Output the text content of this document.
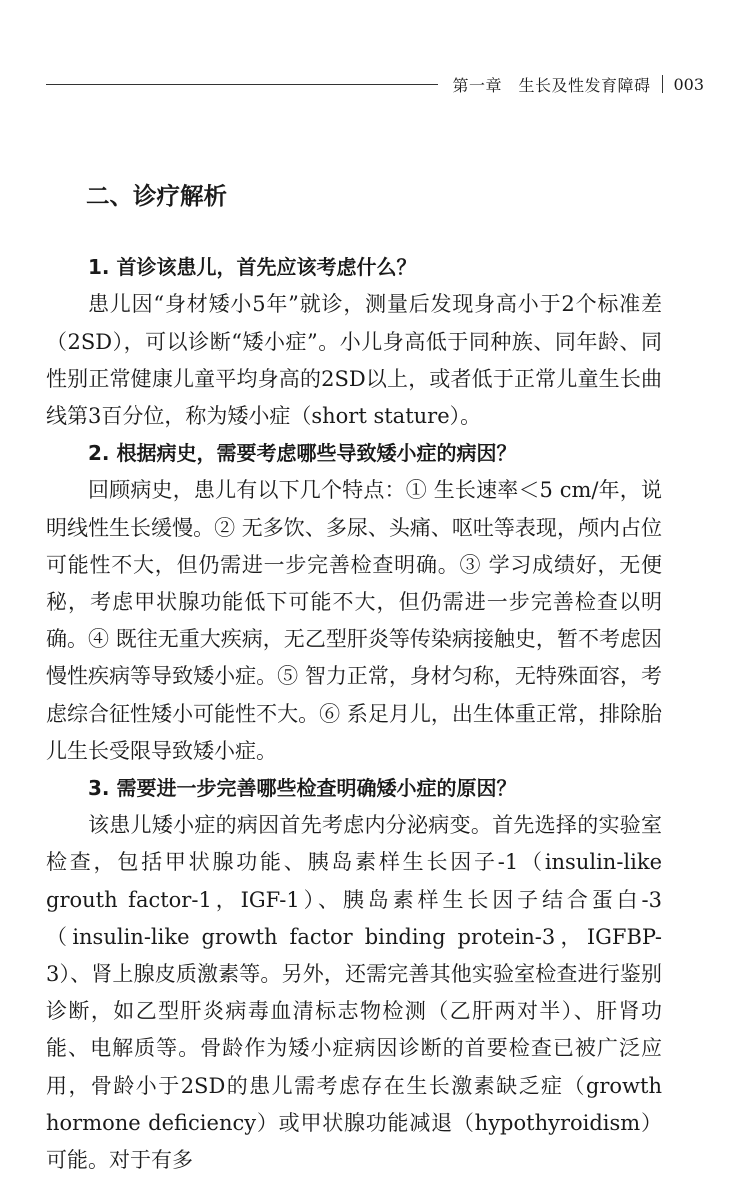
第一章　生长及性发育障碍 003
二、诊疗解析
1. 首诊该患儿，首先应该考虑什么？

患儿因“身材矮小5年”就诊，测量后发现身高小于2个标准差（2SD），可以诊断“矮小症”。小儿身高低于同种族、同年龄、同性别正常健康儿童平均身高的2SD以上，或者低于正常儿童生长曲线第3百分位，称为矮小症（short stature）。

2. 根据病史，需要考虑哪些导致矮小症的病因？

回顾病史，患儿有以下几个特点：① 生长速率＜5 cm/年，说明线性生长缓慢。② 无多饮、多尿、头痛、呕吐等表现，颅内占位可能性不大，但仍需进一步完善检查明确。③ 学习成绩好，无便秘，考虑甲状腺功能低下可能不大，但仍需进一步完善检查以明确。④ 既往无重大疾病，无乙型肝炎等传染病接触史，暂不考虑因慢性疾病等导致矮小症。⑤ 智力正常，身材匀称，无特殊面容，考虑综合征性矮小可能性不大。⑥ 系足月儿，出生体重正常，排除胎儿生长受限导致矮小症。

3. 需要进一步完善哪些检查明确矮小症的原因？

该患儿矮小症的病因首先考虑内分泌病变。首先选择的实验室检查，包括甲状腺功能、胰岛素样生长因子-1（insulin-like grouth factor-1，IGF-1）、胰岛素样生长因子结合蛋白-3（insulin-like growth factor binding protein-3，IGFBP-3）、肾上腺皮质激素等。另外，还需完善其他实验室检查进行鉴别诊断，如乙型肝炎病毒血清标志物检测（乙肝两对半）、肝肾功能、电解质等。骨龄作为矮小症病因诊断的首要检查已被广泛应用，骨龄小于2SD的患儿需考虑存在生长激素缺乏症（growth hormone deficiency）或甲状腺功能减退（hypothyroidism）可能。对于有多
